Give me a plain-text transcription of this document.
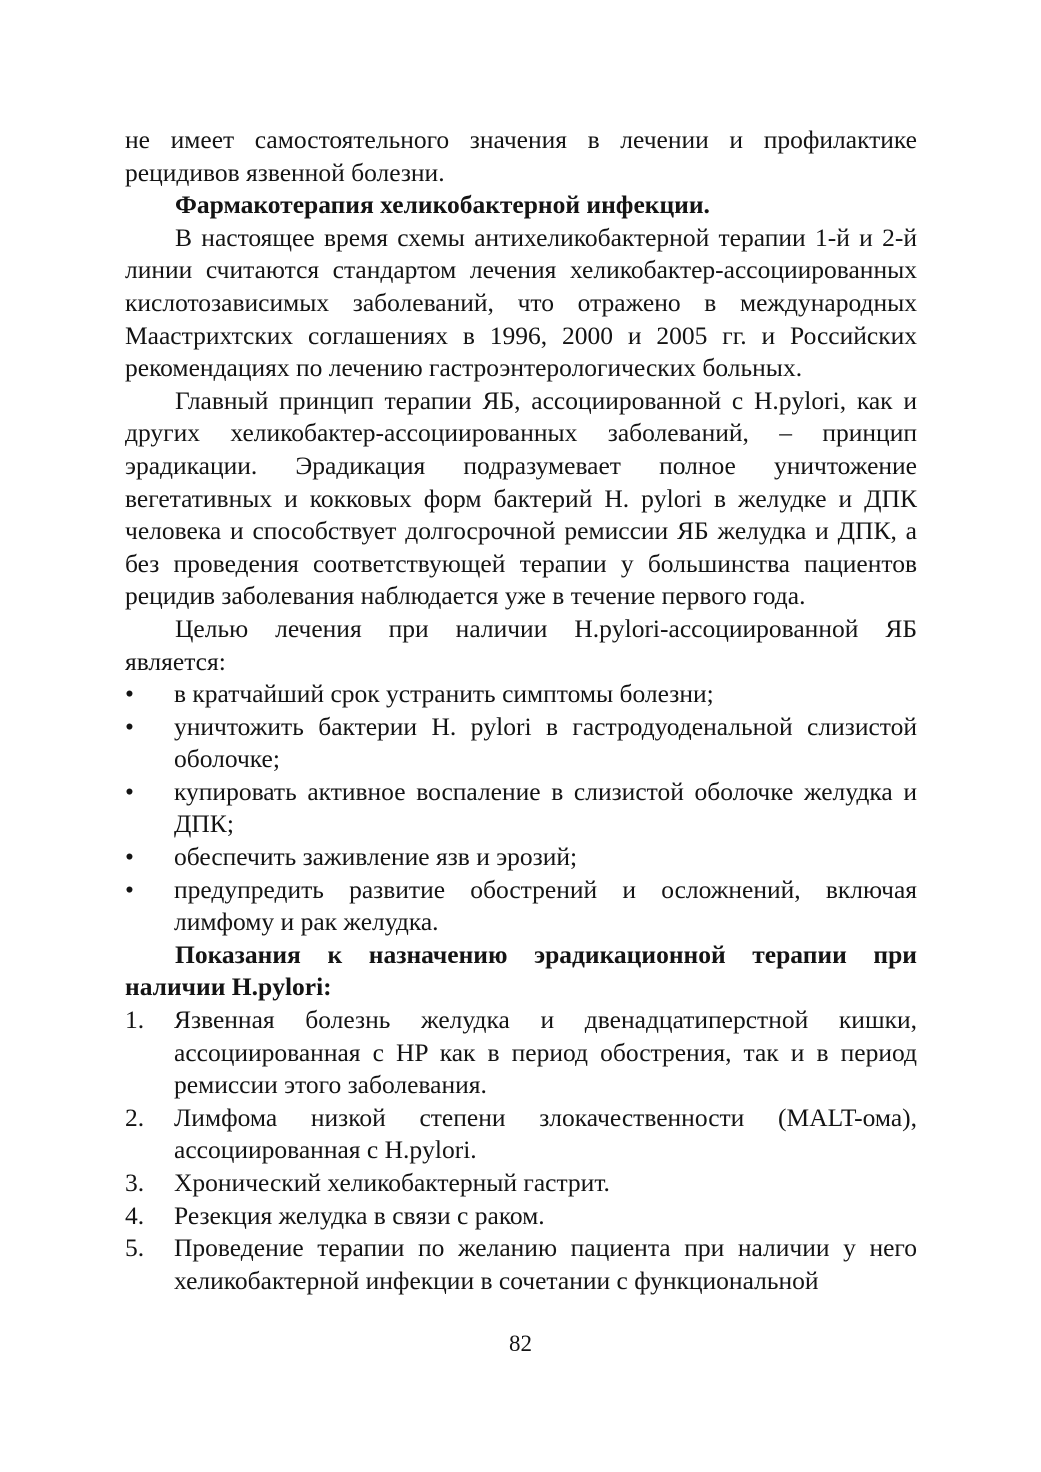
не имеет самостоятельного значения в лечении и профилактике рецидивов язвенной болезни.

Фармакотерапия хеликобактерной инфекции.

В настоящее время схемы антихеликобактерной терапии 1-й и 2-й линии считаются стандартом лечения хеликобактер-ассоциированных кислотозависимых заболеваний, что отражено в международных Маастрихтских соглашениях в 1996, 2000 и 2005 гг. и Российских рекомендациях по лечению гастроэнтерологических больных.

Главный принцип терапии ЯБ, ассоциированной с H.pylori, как и других хеликобактер-ассоциированных заболеваний, – принцип эрадикации. Эрадикация подразумевает полное уничтожение вегетативных и кокковых форм бактерий H. pylori в желудке и ДПК человека и способствует долгосрочной ремиссии ЯБ желудка и ДПК, а без проведения соответствующей терапии у большинства пациентов рецидив заболевания наблюдается уже в течение первого года.

Целью лечения при наличии H.pylori-ассоциированной ЯБ является:

• в кратчайший срок устранить симптомы болезни;
• уничтожить бактерии H. pylori в гастродуоденальной слизистой оболочке;
• купировать активное воспаление в слизистой оболочке желудка и ДПК;
• обеспечить заживление язв и эрозий;
• предупредить развитие обострений и осложнений, включая лимфому и рак желудка.

Показания к назначению эрадикационной терапии при наличии H.pylori:

1. Язвенная болезнь желудка и двенадцатиперстной кишки, ассоциированная с HP как в период обострения, так и в период ремиссии этого заболевания.
2. Лимфома низкой степени злокачественности (MALT-ома), ассоциированная с H.pylori.
3. Хронический хеликобактерный гастрит.
4. Резекция желудка в связи с раком.
5. Проведение терапии по желанию пациента при наличии у него хеликобактерной инфекции в сочетании с функциональной
82
